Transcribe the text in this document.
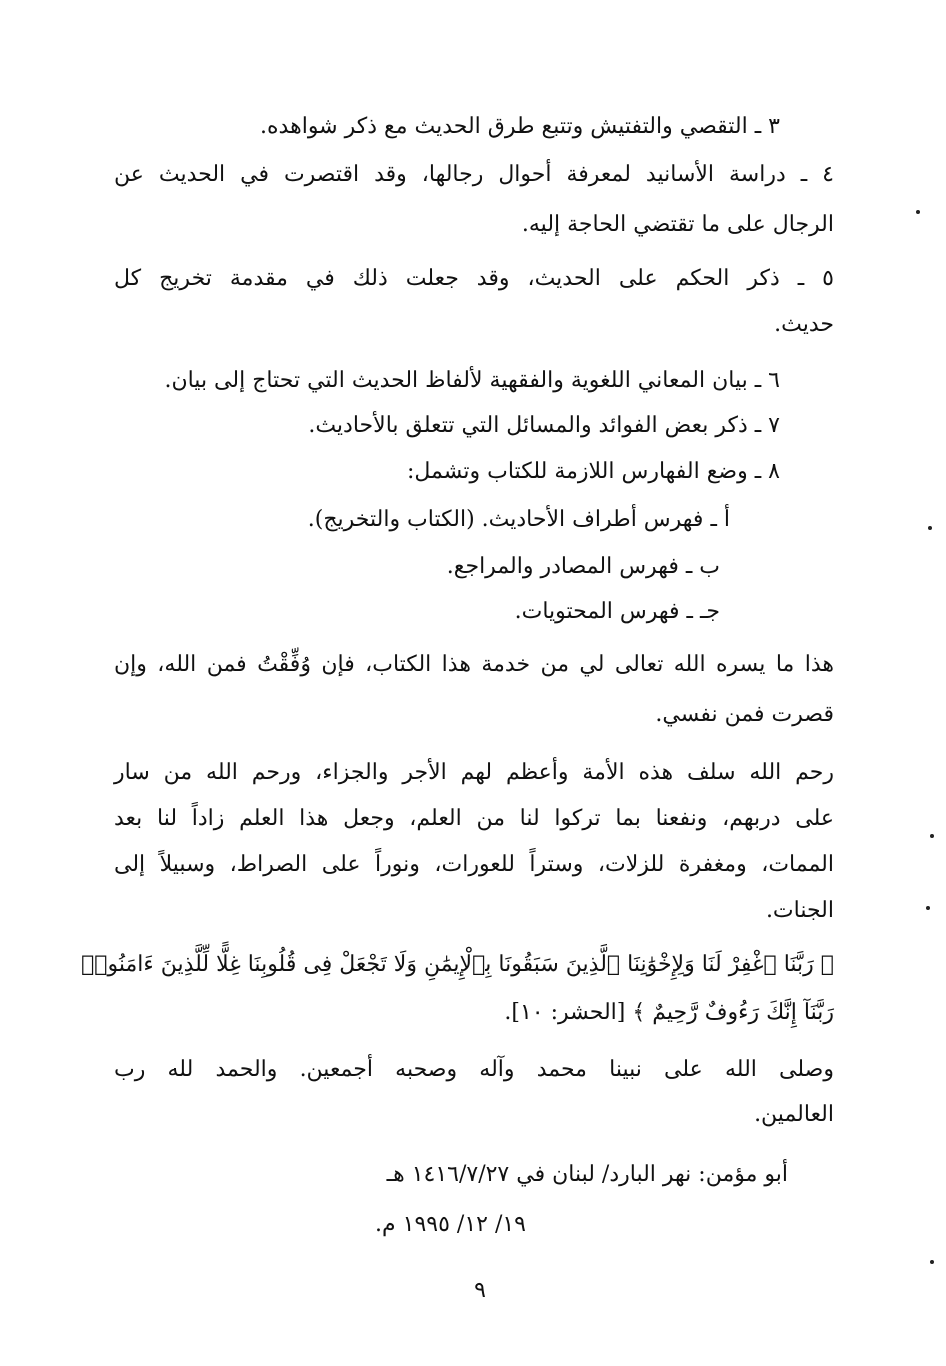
٣ ـ التقصي والتفتيش وتتبع طرق الحديث مع ذكر شواهده.
٤ ـ دراسة الأسانيد لمعرفة أحوال رجالها، وقد اقتصرت في الحديث عن
الرجال على ما تقتضي الحاجة إليه.
٥ ـ ذكر الحكم على الحديث، وقد جعلت ذلك في مقدمة تخريج كل
حديث.
٦ ـ بيان المعاني اللغوية والفقهية لألفاظ الحديث التي تحتاج إلى بيان.
٧ ـ ذكر بعض الفوائد والمسائل التي تتعلق بالأحاديث.
٨ ـ وضع الفهارس اللازمة للكتاب وتشمل:
أ ـ فهرس أطراف الأحاديث. (الكتاب والتخريج).
ب ـ فهرس المصادر والمراجع.
جـ ـ فهرس المحتويات.
هذا ما يسره الله تعالى لي من خدمة هذا الكتاب، فإن وُفِّقْتُ فمن الله، وإن
قصرت فمن نفسي.
رحم الله سلف هذه الأمة وأعظم لهم الأجر والجزاء، ورحم الله من سار
على دربهم، ونفعنا بما تركوا لنا من العلم، وجعل هذا العلم زاداً لنا بعد
الممات، ومغفرة للزلات، وستراً للعورات، ونوراً على الصراط، وسبيلاً إلى
الجنات.
﴿ رَبَّنَا ٱغْفِرْ لَنَا وَلِإِخْوَٰنِنَا ٱلَّذِينَ سَبَقُونَا بِٱلْإِيمَٰنِ وَلَا تَجْعَلْ فِى قُلُوبِنَا غِلًّا لِّلَّذِينَ ءَامَنُوا۟
رَبَّنَآ إِنَّكَ رَءُوفٌ رَّحِيمٌ ﴾ [الحشر: ١٠].
وصلى الله على نبينا محمد وآله وصحبه أجمعين. والحمد لله رب
العالمين.
أبو مؤمن: نهر البارد/ لبنان في ١٤١٦/٧/٢٧ هـ
١٩/ ١٢/ ١٩٩٥ م.
٩
